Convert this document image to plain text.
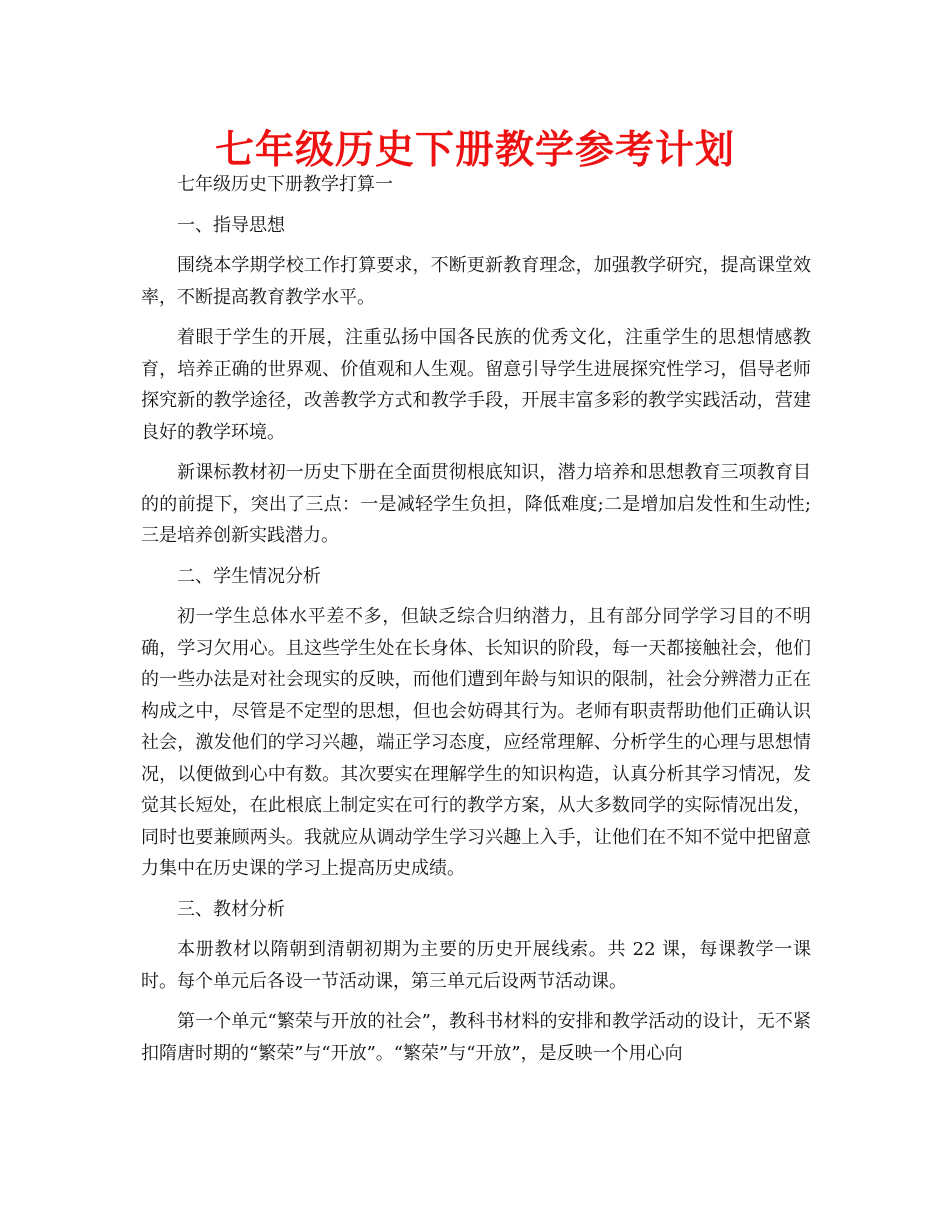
七年级历史下册教学参考计划

七年级历史下册教学打算一

一、指导思想

围绕本学期学校工作打算要求，不断更新教育理念，加强教学研究，提高课堂效率，不断提高教育教学水平。

着眼于学生的开展，注重弘扬中国各民族的优秀文化，注重学生的思想情感教育，培养正确的世界观、价值观和人生观。留意引导学生进展探究性学习，倡导老师探究新的教学途径，改善教学方式和教学手段，开展丰富多彩的教学实践活动，营建良好的教学环境。

新课标教材初一历史下册在全面贯彻根底知识，潜力培养和思想教育三项教育目的的前提下，突出了三点：一是减轻学生负担，降低难度;二是增加启发性和生动性;三是培养创新实践潜力。

二、学生情况分析

初一学生总体水平差不多，但缺乏综合归纳潜力，且有部分同学学习目的不明确，学习欠用心。且这些学生处在长身体、长知识的阶段，每一天都接触社会，他们的一些办法是对社会现实的反映，而他们遭到年龄与知识的限制，社会分辨潜力正在构成之中，尽管是不定型的思想，但也会妨碍其行为。老师有职责帮助他们正确认识社会，激发他们的学习兴趣，端正学习态度，应经常理解、分析学生的心理与思想情况，以便做到心中有数。其次要实在理解学生的知识构造，认真分析其学习情况，发觉其长短处，在此根底上制定实在可行的教学方案，从大多数同学的实际情况出发，同时也要兼顾两头。我就应从调动学生学习兴趣上入手，让他们在不知不觉中把留意力集中在历史课的学习上提高历史成绩。

三、教材分析

本册教材以隋朝到清朝初期为主要的历史开展线索。共 22 课，每课教学一课时。每个单元后各设一节活动课，第三单元后设两节活动课。

第一个单元“繁荣与开放的社会”，教科书材料的安排和教学活动的设计，无不紧扣隋唐时期的“繁荣”与“开放”。“繁荣”与“开放”，是反映一个用心向
